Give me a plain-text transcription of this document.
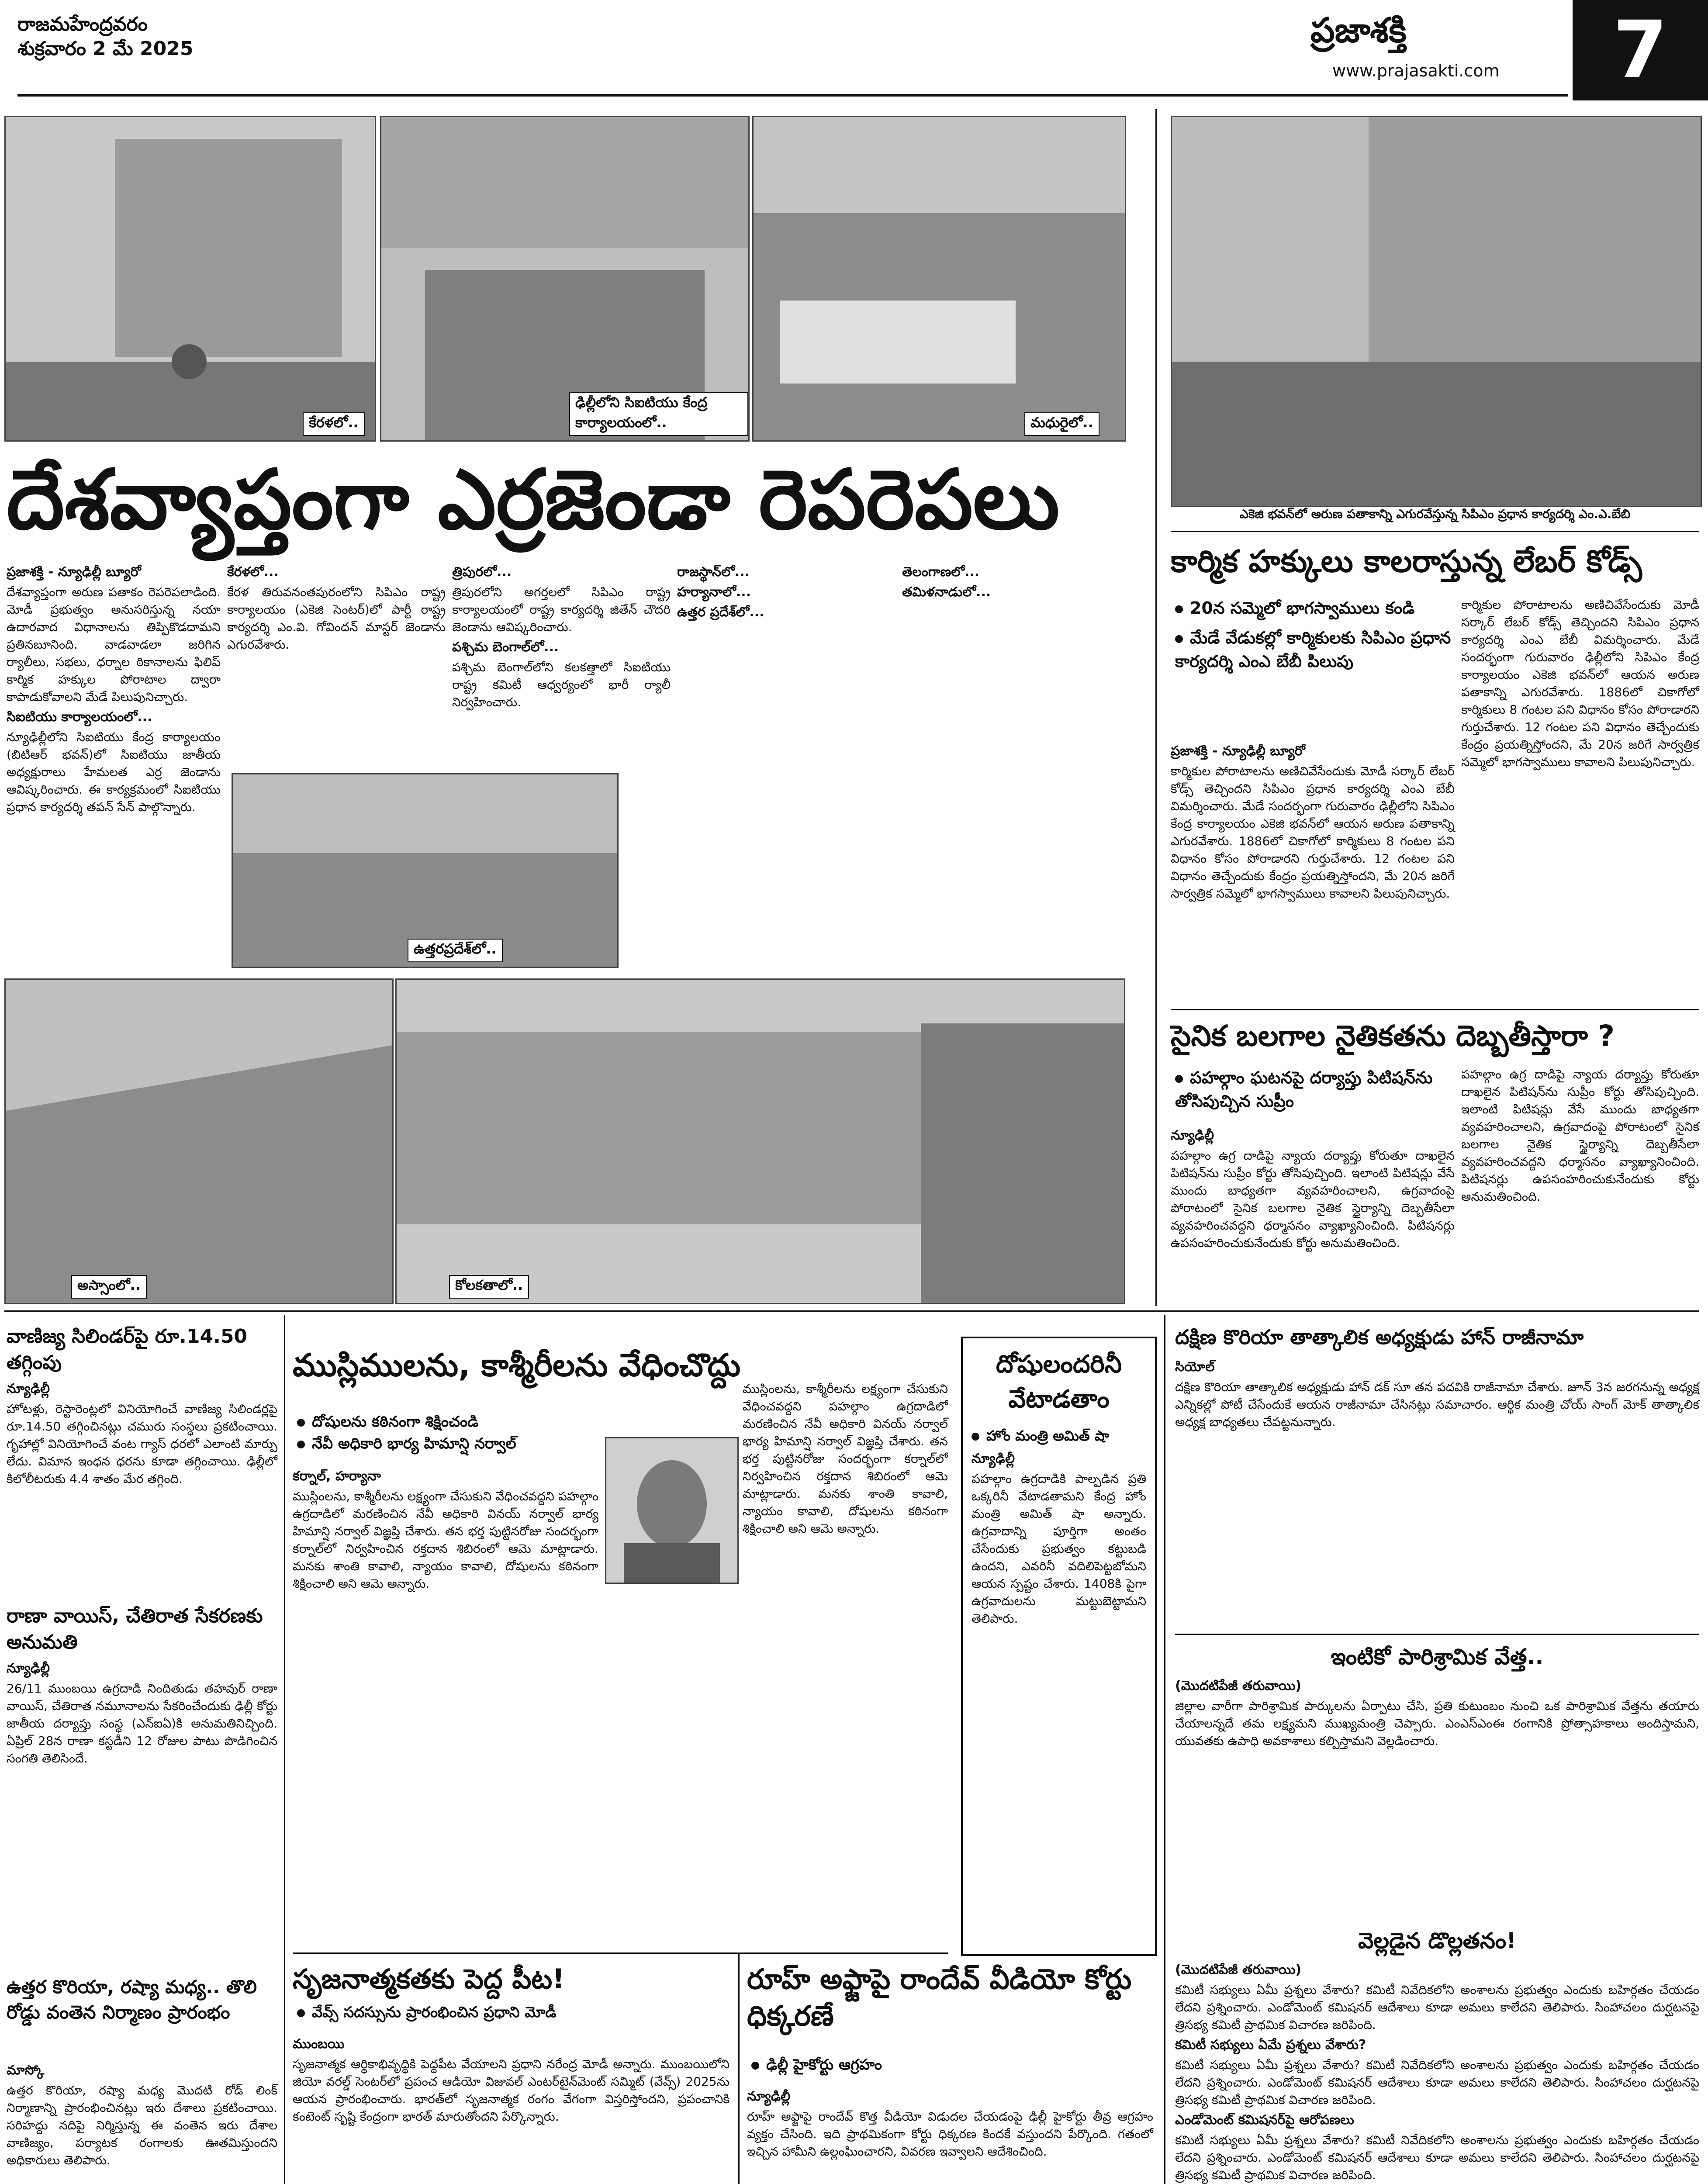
రాజమహేంద్రవరం
శుక్రవారం 2 మే 2025	ప్రజాశక్తి
www.prajasakti.com	7
కేరళలో..
ఢిల్లీలోని సిఐటియు కేంద్ర కార్యాలయంలో..	మధురైలో..
దేశవ్యాప్తంగా ఎర్రజెండా రెపరెపలు

ప్రజాశక్తి - న్యూఢిల్లీ బ్యూరో

దేశవ్యాప్తంగా అరుణ పతాకం రెపరెపలాడింది. మోడీ ప్రభుత్వం అనుసరిస్తున్న నయా ఉదారవాద విధానాలను తిప్పికొడదామని ప్రతినబూనింది. వాడవాడలా జరిగిన ర్యాలీలు, సభలు, ధర్నాల ఠికానాలను ఫిలిప్ కార్మిక హక్కుల పోరాటాల ద్వారా కాపాడుకోవాలని మేడే పిలుపునిచ్చారు.

సిఐటియు కార్యాలయంలో...

న్యూఢిల్లీలోని సిఐటియు కేంద్ర కార్యాలయం (బిటిఆర్ భవన్)లో సిఐటియు జాతీయ అధ్యక్షురాలు హేమలత ఎర్ర జెండాను ఆవిష్కరించారు. ఈ కార్యక్రమంలో సిఐటియు ప్రధాన కార్యదర్శి తపన్ సేన్ పాల్గొన్నారు.

కేరళలో...

కేరళ తిరువనంతపురంలోని సిపిఎం రాష్ట్ర కార్యాలయం (ఎకెజి సెంటర్)లో పార్టీ రాష్ట్ర కార్యదర్శి ఎం.వి. గోవిందన్ మాస్టర్ జెండాను ఎగురవేశారు.

త్రిపురలో...

త్రిపురలోని అగర్తలలో సిపిఎం రాష్ట్ర కార్యాలయంలో రాష్ట్ర కార్యదర్శి జితేన్ చౌదరి జెండాను ఆవిష్కరించారు.

పశ్చిమ బెంగాల్‌లో...

పశ్చిమ బెంగాల్‌లోని కలకత్తాలో సిఐటియు రాష్ట్ర కమిటీ ఆధ్వర్యంలో భారీ ర్యాలీ నిర్వహించారు.

రాజస్థాన్‌లో...

హర్యానాలో...

ఉత్తర ప్రదేశ్‌లో...

తెలంగాణలో...

తమిళనాడులో...

ఉత్తరప్రదేశ్‌లో..
అస్సాంలో..	కోలకతాలో..
ఎకెజి భవన్‌లో అరుణ పతాకాన్ని ఎగురవేస్తున్న సిపిఎం ప్రధాన కార్యదర్శి ఎం.ఎ.బేబి
కార్మిక హక్కులు కాలరాస్తున్న లేబర్ కోడ్స్
20న సమ్మెలో భాగస్వాములు కండి
మేడే వేడుకల్లో కార్మికులకు సిపిఎం ప్రధాన కార్యదర్శి ఎంఎ బేబీ పిలుపు

ప్రజాశక్తి - న్యూఢిల్లీ బ్యూరో

కార్మికుల పోరాటాలను అణిచివేసేందుకు మోడీ సర్కార్ లేబర్ కోడ్స్ తెచ్చిందని సిపిఎం ప్రధాన కార్యదర్శి ఎంఎ బేబీ విమర్శించారు. మేడే సందర్భంగా గురువారం ఢిల్లీలోని సిపిఎం కేంద్ర కార్యాలయం ఎకెజి భవన్‌లో ఆయన అరుణ పతాకాన్ని ఎగురవేశారు. 1886లో చికాగోలో కార్మికులు 8 గంటల పని విధానం కోసం పోరాడారని గుర్తుచేశారు. 12 గంటల పని విధానం తెచ్చేందుకు కేంద్రం ప్రయత్నిస్తోందని, మే 20న జరిగే సార్వత్రిక సమ్మెలో భాగస్వాములు కావాలని పిలుపునిచ్చారు.

కార్మికుల పోరాటాలను అణిచివేసేందుకు మోడీ సర్కార్ లేబర్ కోడ్స్ తెచ్చిందని సిపిఎం ప్రధాన కార్యదర్శి ఎంఎ బేబీ విమర్శించారు. మేడే సందర్భంగా గురువారం ఢిల్లీలోని సిపిఎం కేంద్ర కార్యాలయం ఎకెజి భవన్‌లో ఆయన అరుణ పతాకాన్ని ఎగురవేశారు. 1886లో చికాగోలో కార్మికులు 8 గంటల పని విధానం కోసం పోరాడారని గుర్తుచేశారు. 12 గంటల పని విధానం తెచ్చేందుకు కేంద్రం ప్రయత్నిస్తోందని, మే 20న జరిగే సార్వత్రిక సమ్మెలో భాగస్వాములు కావాలని పిలుపునిచ్చారు.

సైనిక బలగాల నైతికతను దెబ్బతీస్తారా ?
పహల్గాం ఘటనపై దర్యాప్తు పిటిషన్‌ను తోసిపుచ్చిన సుప్రీం

న్యూఢిల్లీ

పహల్గాం ఉగ్ర దాడిపై న్యాయ దర్యాప్తు కోరుతూ దాఖలైన పిటిషన్‌ను సుప్రీం కోర్టు తోసిపుచ్చింది. ఇలాంటి పిటిషన్లు వేసే ముందు బాధ్యతగా వ్యవహరించాలని, ఉగ్రవాదంపై పోరాటంలో సైనిక బలగాల నైతిక స్థైర్యాన్ని దెబ్బతీసేలా వ్యవహరించవద్దని ధర్మాసనం వ్యాఖ్యానించింది. పిటిషనర్లు ఉపసంహరించుకునేందుకు కోర్టు అనుమతించింది.

పహల్గాం ఉగ్ర దాడిపై న్యాయ దర్యాప్తు కోరుతూ దాఖలైన పిటిషన్‌ను సుప్రీం కోర్టు తోసిపుచ్చింది. ఇలాంటి పిటిషన్లు వేసే ముందు బాధ్యతగా వ్యవహరించాలని, ఉగ్రవాదంపై పోరాటంలో సైనిక బలగాల నైతిక స్థైర్యాన్ని దెబ్బతీసేలా వ్యవహరించవద్దని ధర్మాసనం వ్యాఖ్యానించింది. పిటిషనర్లు ఉపసంహరించుకునేందుకు కోర్టు అనుమతించింది.

వాణిజ్య సిలిండర్‌పై రూ.14.50 తగ్గింపు

న్యూఢిల్లీ

హోటళ్లు, రెస్టారెంట్లలో వినియోగించే వాణిజ్య సిలిండర్లపై రూ.14.50 తగ్గించినట్లు చమురు సంస్థలు ప్రకటించాయి. గృహాల్లో వినియోగించే వంట గ్యాస్ ధరలో ఎలాంటి మార్పు లేదు. విమాన ఇంధన ధరను కూడా తగ్గించాయి. ఢిల్లీలో కిలోలీటరుకు 4.4 శాతం మేర తగ్గింది.

రాణా వాయిస్, చేతిరాత సేకరణకు అనుమతి

న్యూఢిల్లీ

26/11 ముంబయి ఉగ్రదాడి నిందితుడు తహవుర్ రాణా వాయిస్, చేతిరాత నమూనాలను సేకరించేందుకు ఢిల్లీ కోర్టు జాతీయ దర్యాప్తు సంస్థ (ఎన్ఐఏ)కి అనుమతినిచ్చింది. ఏప్రిల్ 28న రాణా కస్టడీని 12 రోజుల పాటు పొడిగించిన సంగతి తెలిసిందే.

ఉత్తర కొరియా, రష్యా మధ్య.. తొలి రోడ్డు వంతెన నిర్మాణం ప్రారంభం

మాస్కో

ఉత్తర కొరియా, రష్యా మధ్య మొదటి రోడ్ లింక్ నిర్మాణాన్ని ప్రారంభించినట్లు ఇరు దేశాలు ప్రకటించాయి. సరిహద్దు నదిపై నిర్మిస్తున్న ఈ వంతెన ఇరు దేశాల వాణిజ్యం, పర్యాటక రంగాలకు ఊతమిస్తుందని అధికారులు తెలిపారు.

ముస్లిములను, కాశ్మీరీలను వేధించొద్దు
దోషులను కఠినంగా శిక్షించండి
నేవీ అధికారి భార్య హిమాన్షి నర్వాల్

కర్నాల్, హర్యానా

ముస్లింలను, కాశ్మీరీలను లక్ష్యంగా చేసుకుని వేధించవద్దని పహల్గాం ఉగ్రదాడిలో మరణించిన నేవీ అధికారి వినయ్ నర్వాల్ భార్య హిమాన్షి నర్వాల్ విజ్ఞప్తి చేశారు. తన భర్త పుట్టినరోజు సందర్భంగా కర్నాల్‌లో నిర్వహించిన రక్తదాన శిబిరంలో ఆమె మాట్లాడారు. మనకు శాంతి కావాలి, న్యాయం కావాలి, దోషులను కఠినంగా శిక్షించాలి అని ఆమె అన్నారు.

ముస్లింలను, కాశ్మీరీలను లక్ష్యంగా చేసుకుని వేధించవద్దని పహల్గాం ఉగ్రదాడిలో మరణించిన నేవీ అధికారి వినయ్ నర్వాల్ భార్య హిమాన్షి నర్వాల్ విజ్ఞప్తి చేశారు. తన భర్త పుట్టినరోజు సందర్భంగా కర్నాల్‌లో నిర్వహించిన రక్తదాన శిబిరంలో ఆమె మాట్లాడారు. మనకు శాంతి కావాలి, న్యాయం కావాలి, దోషులను కఠినంగా శిక్షించాలి అని ఆమె అన్నారు.

దోషులందరినీ వేటాడతాం
హోం మంత్రి అమిత్ షా

న్యూఢిల్లీ

పహల్గాం ఉగ్రదాడికి పాల్పడిన ప్రతి ఒక్కరినీ వేటాడతామని కేంద్ర హోం మంత్రి అమిత్ షా అన్నారు. ఉగ్రవాదాన్ని పూర్తిగా అంతం చేసేందుకు ప్రభుత్వం కట్టుబడి ఉందని, ఎవరినీ వదిలిపెట్టబోమని ఆయన స్పష్టం చేశారు. 1408కి పైగా ఉగ్రవాదులను మట్టుబెట్టామని తెలిపారు.

సృజనాత్మకతకు పెద్ద పీట!
వేవ్స్ సదస్సును ప్రారంభించిన ప్రధాని మోడీ

ముంబయి

సృజనాత్మక ఆర్థికాభివృద్ధికి పెద్దపీట వేయాలని ప్రధాని నరేంద్ర మోడీ అన్నారు. ముంబయిలోని జియో వరల్డ్ సెంటర్‌లో ప్రపంచ ఆడియో విజువల్ ఎంటర్‌టైన్‌మెంట్ సమ్మిట్ (వేవ్స్) 2025ను ఆయన ప్రారంభించారు. భారత్‌లో సృజనాత్మక రంగం వేగంగా విస్తరిస్తోందని, ప్రపంచానికి కంటెంట్ సృష్టి కేంద్రంగా భారత్ మారుతోందని పేర్కొన్నారు.

రూహ్ అఫ్జాపై రాందేవ్ వీడియో కోర్టు ధిక్కరణే
ఢిల్లీ హైకోర్టు ఆగ్రహం

న్యూఢిల్లీ

రూహ్ అఫ్జాపై రాందేవ్ కొత్త వీడియో విడుదల చేయడంపై ఢిల్లీ హైకోర్టు తీవ్ర ఆగ్రహం వ్యక్తం చేసింది. ఇది ప్రాథమికంగా కోర్టు ధిక్కరణ కిందకే వస్తుందని పేర్కొంది. గతంలో ఇచ్చిన హామీని ఉల్లంఘించారని, వివరణ ఇవ్వాలని ఆదేశించింది.

దక్షిణ కొరియా తాత్కాలిక అధ్యక్షుడు హాన్ రాజీనామా

సియోల్

దక్షిణ కొరియా తాత్కాలిక అధ్యక్షుడు హాన్ డక్ సూ తన పదవికి రాజీనామా చేశారు. జూన్ 3న జరగనున్న అధ్యక్ష ఎన్నికల్లో పోటీ చేసేందుకే ఆయన రాజీనామా చేసినట్లు సమాచారం. ఆర్థిక మంత్రి చోయ్ సాంగ్ మోక్ తాత్కాలిక అధ్యక్ష బాధ్యతలు చేపట్టనున్నారు.

ఇంటికో పారిశ్రామిక వేత్త..

(మొదటిపేజీ తరువాయి)

జిల్లాల వారీగా పారిశ్రామిక పార్కులను ఏర్పాటు చేసి, ప్రతి కుటుంబం నుంచి ఒక పారిశ్రామిక వేత్తను తయారు చేయాలన్నదే తమ లక్ష్యమని ముఖ్యమంత్రి చెప్పారు. ఎంఎస్ఎంఈ రంగానికి ప్రోత్సాహకాలు అందిస్తామని, యువతకు ఉపాధి అవకాశాలు కల్పిస్తామని వెల్లడించారు.

వెల్లడైన డొల్లతనం!

(మొదటిపేజీ తరువాయి)

కమిటీ సభ్యులు ఏమీ ప్రశ్నలు వేశారు? కమిటీ నివేదికలోని అంశాలను ప్రభుత్వం ఎందుకు బహిర్గతం చేయడం లేదని ప్రశ్నించారు. ఎండోమెంట్ కమిషనర్ ఆదేశాలు కూడా అమలు కాలేదని తెలిపారు. సింహాచలం దుర్ఘటనపై త్రిసభ్య కమిటీ ప్రాథమిక విచారణ జరిపింది.

కమిటీ సభ్యులు ఏమే ప్రశ్నలు వేశారు?

కమిటీ సభ్యులు ఏమీ ప్రశ్నలు వేశారు? కమిటీ నివేదికలోని అంశాలను ప్రభుత్వం ఎందుకు బహిర్గతం చేయడం లేదని ప్రశ్నించారు. ఎండోమెంట్ కమిషనర్ ఆదేశాలు కూడా అమలు కాలేదని తెలిపారు. సింహాచలం దుర్ఘటనపై త్రిసభ్య కమిటీ ప్రాథమిక విచారణ జరిపింది.

ఎండోమెంట్ కమిషనర్‌పై ఆరోపణలు

కమిటీ సభ్యులు ఏమీ ప్రశ్నలు వేశారు? కమిటీ నివేదికలోని అంశాలను ప్రభుత్వం ఎందుకు బహిర్గతం చేయడం లేదని ప్రశ్నించారు. ఎండోమెంట్ కమిషనర్ ఆదేశాలు కూడా అమలు కాలేదని తెలిపారు. సింహాచలం దుర్ఘటనపై త్రిసభ్య కమిటీ ప్రాథమిక విచారణ జరిపింది.
